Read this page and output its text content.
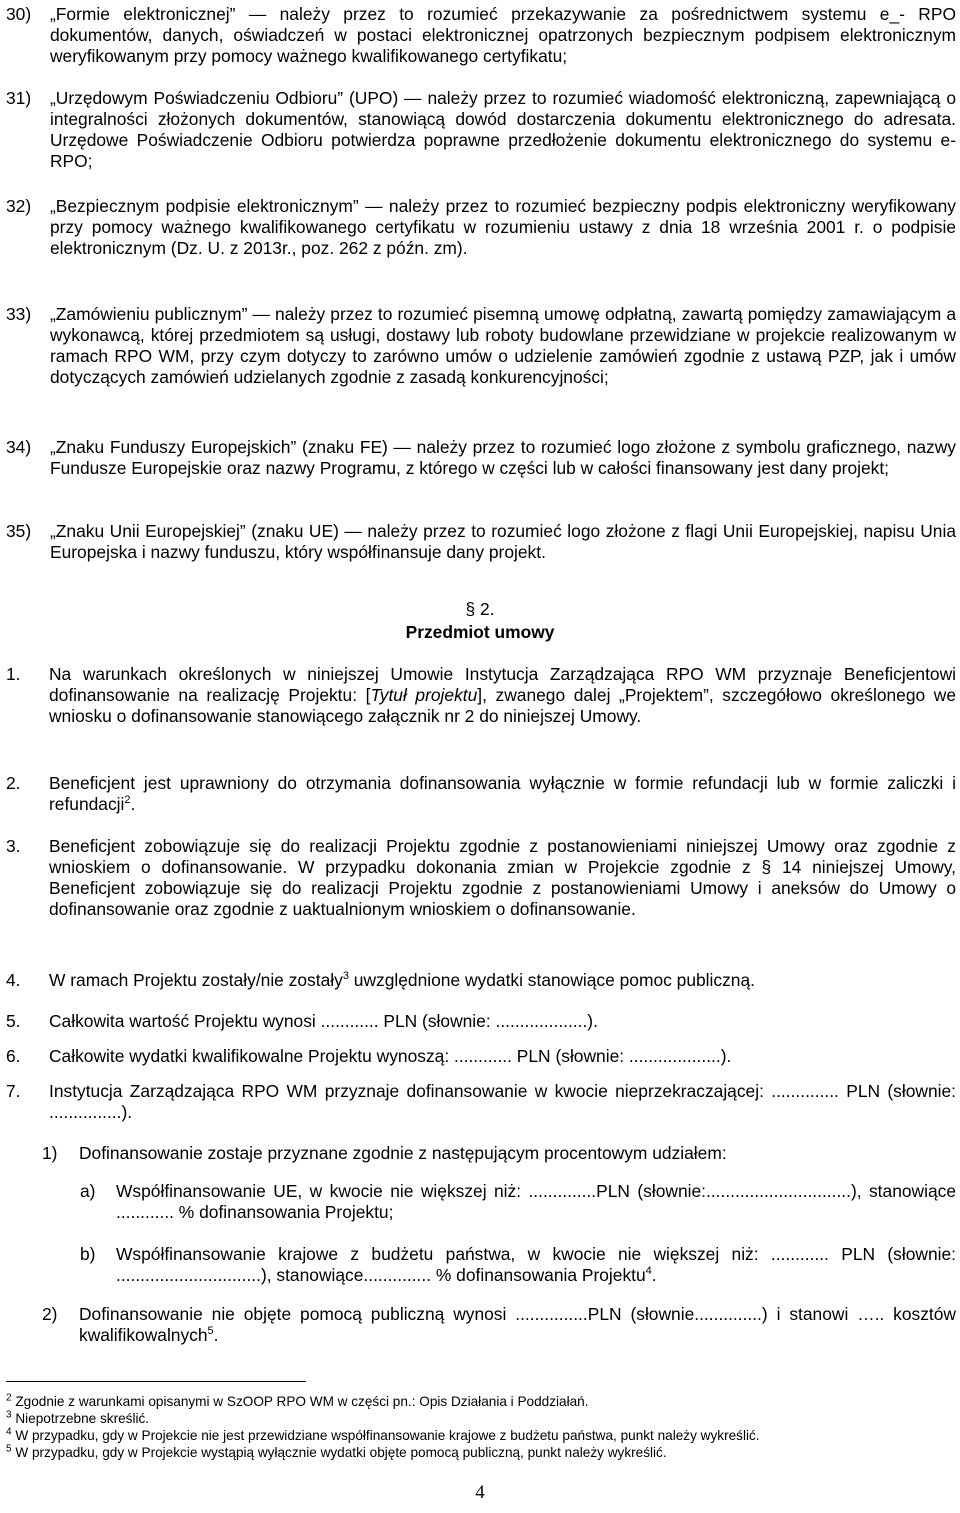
30) „Formie elektronicznej” — należy przez to rozumieć przekazywanie za pośrednictwem systemu e_- RPO dokumentów, danych, oświadczeń w postaci elektronicznej opatrzonych bezpiecznym podpisem elektronicznym weryfikowanym przy pomocy ważnego kwalifikowanego certyfikatu;

31) „Urzędowym Poświadczeniu Odbioru” (UPO) — należy przez to rozumieć wiadomość elektroniczną, zapewniającą o integralności złożonych dokumentów, stanowiącą dowód dostarczenia dokumentu elektronicznego do adresata. Urzędowe Poświadczenie Odbioru potwierdza poprawne przedłożenie dokumentu elektronicznego do systemu e-RPO;

32) „Bezpiecznym podpisie elektronicznym” — należy przez to rozumieć bezpieczny podpis elektroniczny weryfikowany przy pomocy ważnego kwalifikowanego certyfikatu w rozumieniu ustawy z dnia 18 września 2001 r. o podpisie elektronicznym (Dz. U. z 2013r., poz. 262 z późn. zm).

33) „Zamówieniu publicznym” — należy przez to rozumieć pisemną umowę odpłatną, zawartą pomiędzy zamawiającym a wykonawcą, której przedmiotem są usługi, dostawy lub roboty budowlane przewidziane w projekcie realizowanym w ramach RPO WM, przy czym dotyczy to zarówno umów o udzielenie zamówień zgodnie z ustawą PZP, jak i umów dotyczących zamówień udzielanych zgodnie z zasadą konkurencyjności;

34) „Znaku Funduszy Europejskich” (znaku FE) — należy przez to rozumieć logo złożone z symbolu graficznego, nazwy Fundusze Europejskie oraz nazwy Programu, z którego w części lub w całości finansowany jest dany projekt;

35) „Znaku Unii Europejskiej” (znaku UE) — należy przez to rozumieć logo złożone z flagi Unii Europejskiej, napisu Unia Europejska i nazwy funduszu, który współfinansuje dany projekt.

§ 2.
Przedmiot umowy

1. Na warunkach określonych w niniejszej Umowie Instytucja Zarządzająca RPO WM przyznaje Beneficjentowi dofinansowanie na realizację Projektu: [Tytuł projektu], zwanego dalej „Projektem”, szczegółowo określonego we wniosku o dofinansowanie stanowiącego załącznik nr 2 do niniejszej Umowy.

2. Beneficjent jest uprawniony do otrzymania dofinansowania wyłącznie w formie refundacji lub w formie zaliczki i refundacji$^2$.

3. Beneficjent zobowiązuje się do realizacji Projektu zgodnie z postanowieniami niniejszej Umowy oraz zgodnie z wnioskiem o dofinansowanie. W przypadku dokonania zmian w Projekcie zgodnie z § 14 niniejszej Umowy, Beneficjent zobowiązuje się do realizacji Projektu zgodnie z postanowieniami Umowy i aneksów do Umowy o dofinansowanie oraz zgodnie z uaktualnionym wnioskiem o dofinansowanie.

4. W ramach Projektu zostały/nie zostały$^3$ uwzględnione wydatki stanowiące pomoc publiczną.

5. Całkowita wartość Projektu wynosi ............ PLN (słownie: ...................).

6. Całkowite wydatki kwalifikowalne Projektu wynoszą: ............ PLN (słownie: ...................).

7. Instytucja Zarządzająca RPO WM przyznaje dofinansowanie w kwocie nieprzekraczającej: .............. PLN (słownie: ...............).

1) Dofinansowanie zostaje przyznane zgodnie z następującym procentowym udziałem:

a) Współfinansowanie UE, w kwocie nie większej niż: ..............PLN (słownie:..............................), stanowiące ............ % dofinansowania Projektu;

b) Współfinansowanie krajowe z budżetu państwa, w kwocie nie większej niż: ............ PLN (słownie: ..............................), stanowiące.............. % dofinansowania Projektu$^4$.

2) Dofinansowanie nie objęte pomocą publiczną wynosi ...............PLN (słownie..............) i stanowi ….. kosztów kwalifikowalnych$^5$.

$^2$ Zgodnie z warunkami opisanymi w SzOOP RPO WM w części pn.: Opis Działania i Poddziałań.
$^3$ Niepotrzebne skreślić.
$^4$ W przypadku, gdy w Projekcie nie jest przewidziane współfinansowanie krajowe z budżetu państwa, punkt należy wykreślić.
$^5$ W przypadku, gdy w Projekcie wystąpią wyłącznie wydatki objęte pomocą publiczną, punkt należy wykreślić.
4
